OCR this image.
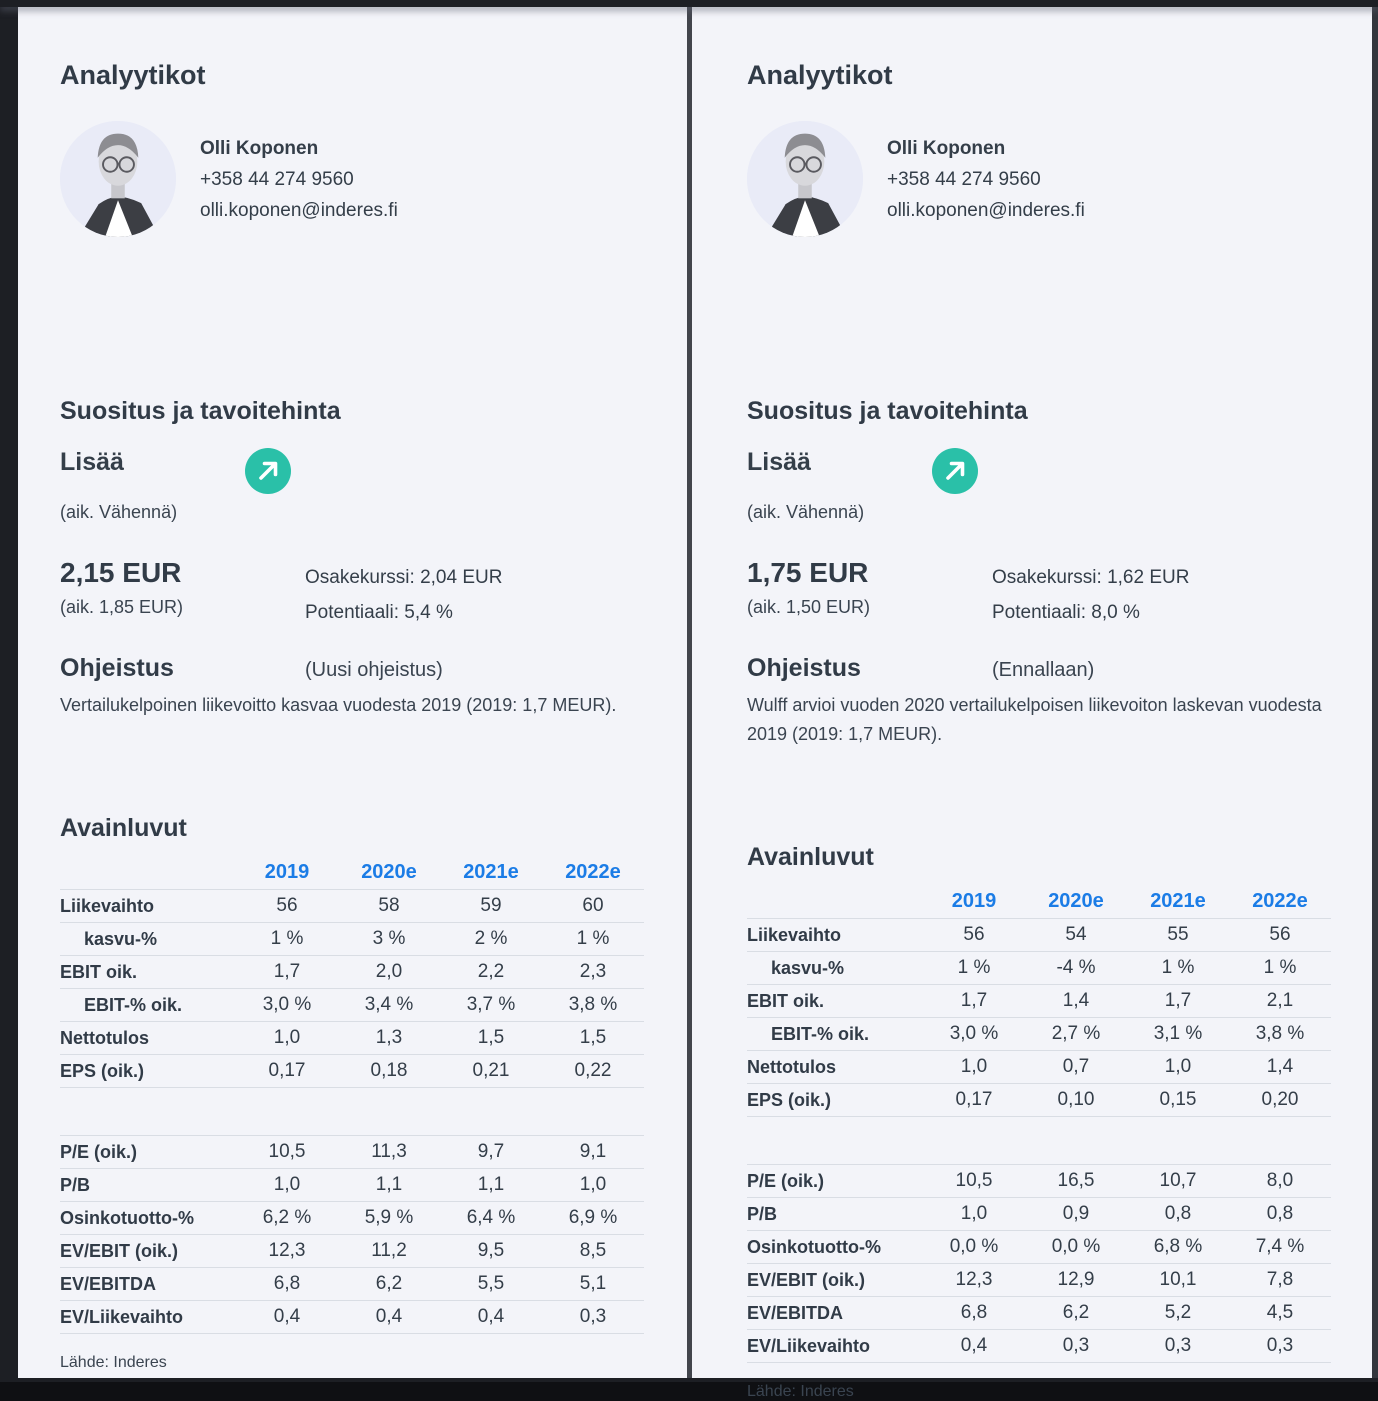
Analyytikot
Olli Koponen
+358 44 274 9560
olli.koponen@inderes.fi
Suositus ja tavoitehinta
Lisää
(aik. Vähennä)
2,15 EUR
(aik. 1,85 EUR)
Osakekurssi: 2,04 EUR
Potentiaali: 5,4 %
Ohjeistus	(Uusi ohjeistus)

Vertailukelpoinen liikevoitto kasvaa vuodesta 2019 (2019: 1,7 MEUR).

Avainluvut
2019	2020e	2021e	2022e
Liikevaihto	56	58	59	60
kasvu-%	1 %	3 %	2 %	1 %
EBIT oik.	1,7	2,0	2,2	2,3
EBIT-% oik.	3,0 %	3,4 %	3,7 %	3,8 %
Nettotulos	1,0	1,3	1,5	1,5
EPS (oik.)	0,17	0,18	0,21	0,22
P/E (oik.)	10,5	11,3	9,7	9,1
P/B	1,0	1,1	1,1	1,0
Osinkotuotto-%	6,2 %	5,9 %	6,4 %	6,9 %
EV/EBIT (oik.)	12,3	11,2	9,5	8,5
EV/EBITDA	6,8	6,2	5,5	5,1
EV/Liikevaihto	0,4	0,4	0,4	0,3
Lähde: Inderes
Analyytikot
Olli Koponen
+358 44 274 9560
olli.koponen@inderes.fi
Suositus ja tavoitehinta
Lisää
(aik. Vähennä)
1,75 EUR
(aik. 1,50 EUR)
Osakekurssi: 1,62 EUR
Potentiaali: 8,0 %
Ohjeistus	(Ennallaan)

Wulff arvioi vuoden 2020 vertailukelpoisen liikevoiton laskevan vuodesta 2019 (2019: 1,7 MEUR).

Avainluvut
2019	2020e	2021e	2022e
Liikevaihto	56	54	55	56
kasvu-%	1 %	-4 %	1 %	1 %
EBIT oik.	1,7	1,4	1,7	2,1
EBIT-% oik.	3,0 %	2,7 %	3,1 %	3,8 %
Nettotulos	1,0	0,7	1,0	1,4
EPS (oik.)	0,17	0,10	0,15	0,20
P/E (oik.)	10,5	16,5	10,7	8,0
P/B	1,0	0,9	0,8	0,8
Osinkotuotto-%	0,0 %	0,0 %	6,8 %	7,4 %
EV/EBIT (oik.)	12,3	12,9	10,1	7,8
EV/EBITDA	6,8	6,2	5,2	4,5
EV/Liikevaihto	0,4	0,3	0,3	0,3
Lähde: Inderes
